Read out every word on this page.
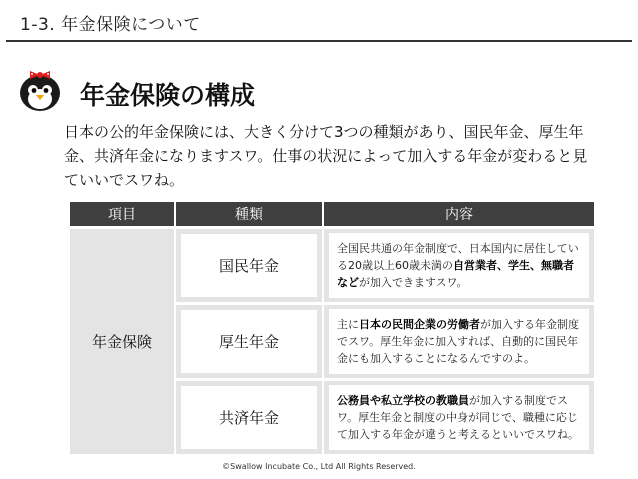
1-3. 年金保険について
年金保険の構成
日本の公的年金保険には、大きく分けて3つの種類があり、国民年金、厚生年金、共済年金になりますスワ。仕事の状況によって加入する年金が変わると見ていいでスワね。
項目	種類	内容
年金保険
国民年金
全国民共通の年金制度で、日本国内に居住している20歳以上60歳未満の自営業者、学生、無職者などが加入できますスワ。
厚生年金
主に日本の民間企業の労働者が加入する年金制度でスワ。厚生年金に加入すれば、自動的に国民年金にも加入することになるんですのよ。
共済年金
公務員や私立学校の教職員が加入する制度でスワ。厚生年金と制度の中身が同じで、職種に応じて加入する年金が違うと考えるといいでスワね。
©Swallow Incubate Co., Ltd All Rights Reserved.
